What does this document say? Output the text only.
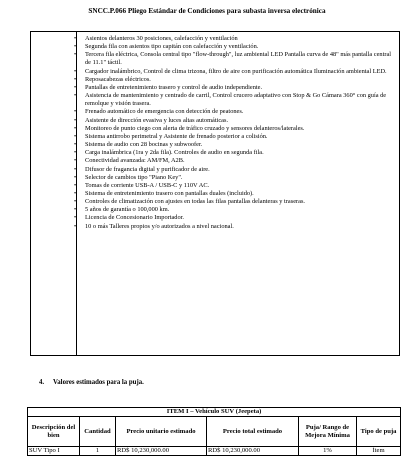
SNCC.P.066 Pliego Estándar de Condiciones para subasta inversa electrónica
• Asientos delanteros 30 posiciones, calefacción y ventilación
• Segunda fila con asientos tipo capitán con calefacción y ventilación.
• Tercera fila eléctrica, Consola central tipo "flow-through", luz ambiental LED Pantalla curva de 48" más pantalla central de 11.1" táctil.
• Cargador inalámbrico, Control de clima trizona, filtro de aire con purificación automática Iluminación ambiental LED.
• Reposacabezas eléctricos.
• Pantallas de entretenimiento trasero y control de audio independiente.
• Asistencia de mantenimiento y centrado de carril, Control crucero adaptativo con Stop & Go Cámara 360° con guía de remolque y visión trasera.
• Frenado automático de emergencia con detección de peatones.
• Asistente de dirección evasiva y luces altas automáticas.
• Monitoreo de punto ciego con alerta de tráfico cruzado y sensores delanteros/laterales.
• Sistema antirrobo perimetral y Asistente de frenado posterior a colisión.
• Sistema de audio con 28 bocinas y subwoofer.
• Carga inalámbrica (1ra y 2da fila). Controles de audio en segunda fila.
• Conectividad avanzada: AM/FM, A2B.
• Difusor de fragancia digital y purificador de aire.
• Selector de cambios tipo "Piano Key".
• Tomas de corriente USB-A / USB-C y 110V AC.
• Sistema de entretenimiento trasero con pantallas duales (incluido).
• Controles de climatización con ajustes en todas las filas pantallas delanteras y traseras.
• 5 años de garantía o 100,000 km.
• Licencia de Concesionario Importador.
• 10 o más Talleres propios y/o autorizados a nivel nacional.
4. Valores estimados para la puja.
ITEM I – Vehículo SUV (Jeepeta)					
Descripción del bien	Cantidad	Precio unitario estimado	Precio total estimado	Puja/ Rango de Mejora Mínima	Tipo de puja
SUV Tipo I	1	RD$ 10,230,000.00	RD$ 10,230,000.00	1%	Ítem
